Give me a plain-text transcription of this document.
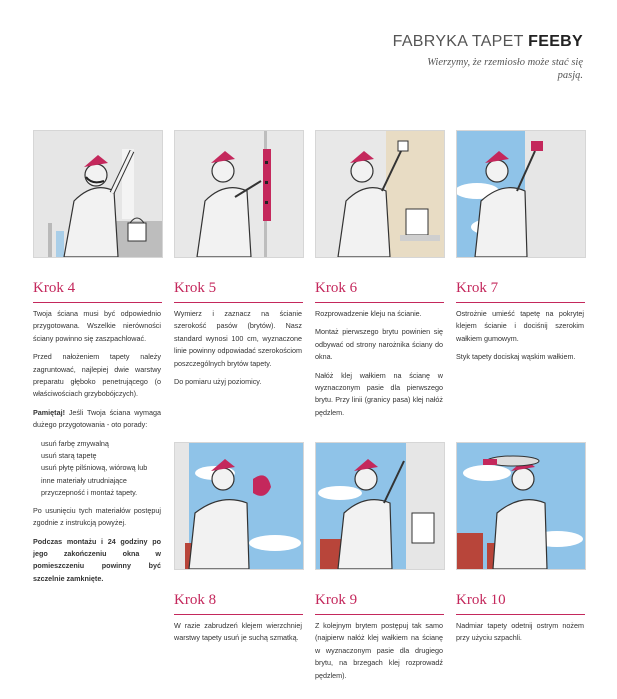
FABRYKA TAPET FEEBY
Wierzymy, że rzemiosło może stać się pasją.
Krok 4

Twoja ściana musi być odpowiednio przygotowana. Wszelkie nierówności ściany powinno się zaszpachlować.

Przed nałożeniem tapety należy zagruntować, najlepiej dwie warstwy preparatu głęboko penetrującego (o właściwościach grzybobójczych).

Pamiętaj! Jeśli Twoja ściana wymaga dużego przygotowania - oto porady:

usuń farbę zmywalną
usuń starą tapetę
usuń płytę pilśniową, wiórową lub inne materiały utrudniające przyczepność i montaż tapety.

Po usunięciu tych materiałów postępuj zgodnie z instrukcją powyżej.

Podczas montażu i 24 godziny po jego zakończeniu okna w pomieszczeniu powinny być szczelnie zamknięte.

Krok 5

Wymierz i zaznacz na ścianie szerokość pasów (brytów). Nasz standard wynosi 100 cm, wyznaczone linie powinny odpowiadać szerokościom poszczególnych brytów tapety.

Do pomiaru użyj poziomicy.

Krok 6

Rozprowadzenie kleju na ścianie.

Montaż pierwszego brytu powinien się odbywać od strony narożnika ściany do okna.

Nałóż klej wałkiem na ścianę w wyznaczonym pasie dla pierwszego brytu. Przy linii (granicy pasa) klej nałóż pędzlem.

Krok 7

Ostrożnie umieść tapetę na pokrytej klejem ścianie i dociśnij szerokim wałkiem gumowym.

Styk tapety dociskaj wąskim wałkiem.

Krok 8

W razie zabrudzeń klejem wierzchniej warstwy tapety usuń je suchą szmatką.

Krok 9

Z kolejnym brytem postępuj tak samo (najpierw nałóż klej wałkiem na ścianę w wyznaczonym pasie dla drugiego brytu, na brzegach klej rozprowadź pędzlem).

Krok 10

Nadmiar tapety odetnij ostrym nożem przy użyciu szpachli.
